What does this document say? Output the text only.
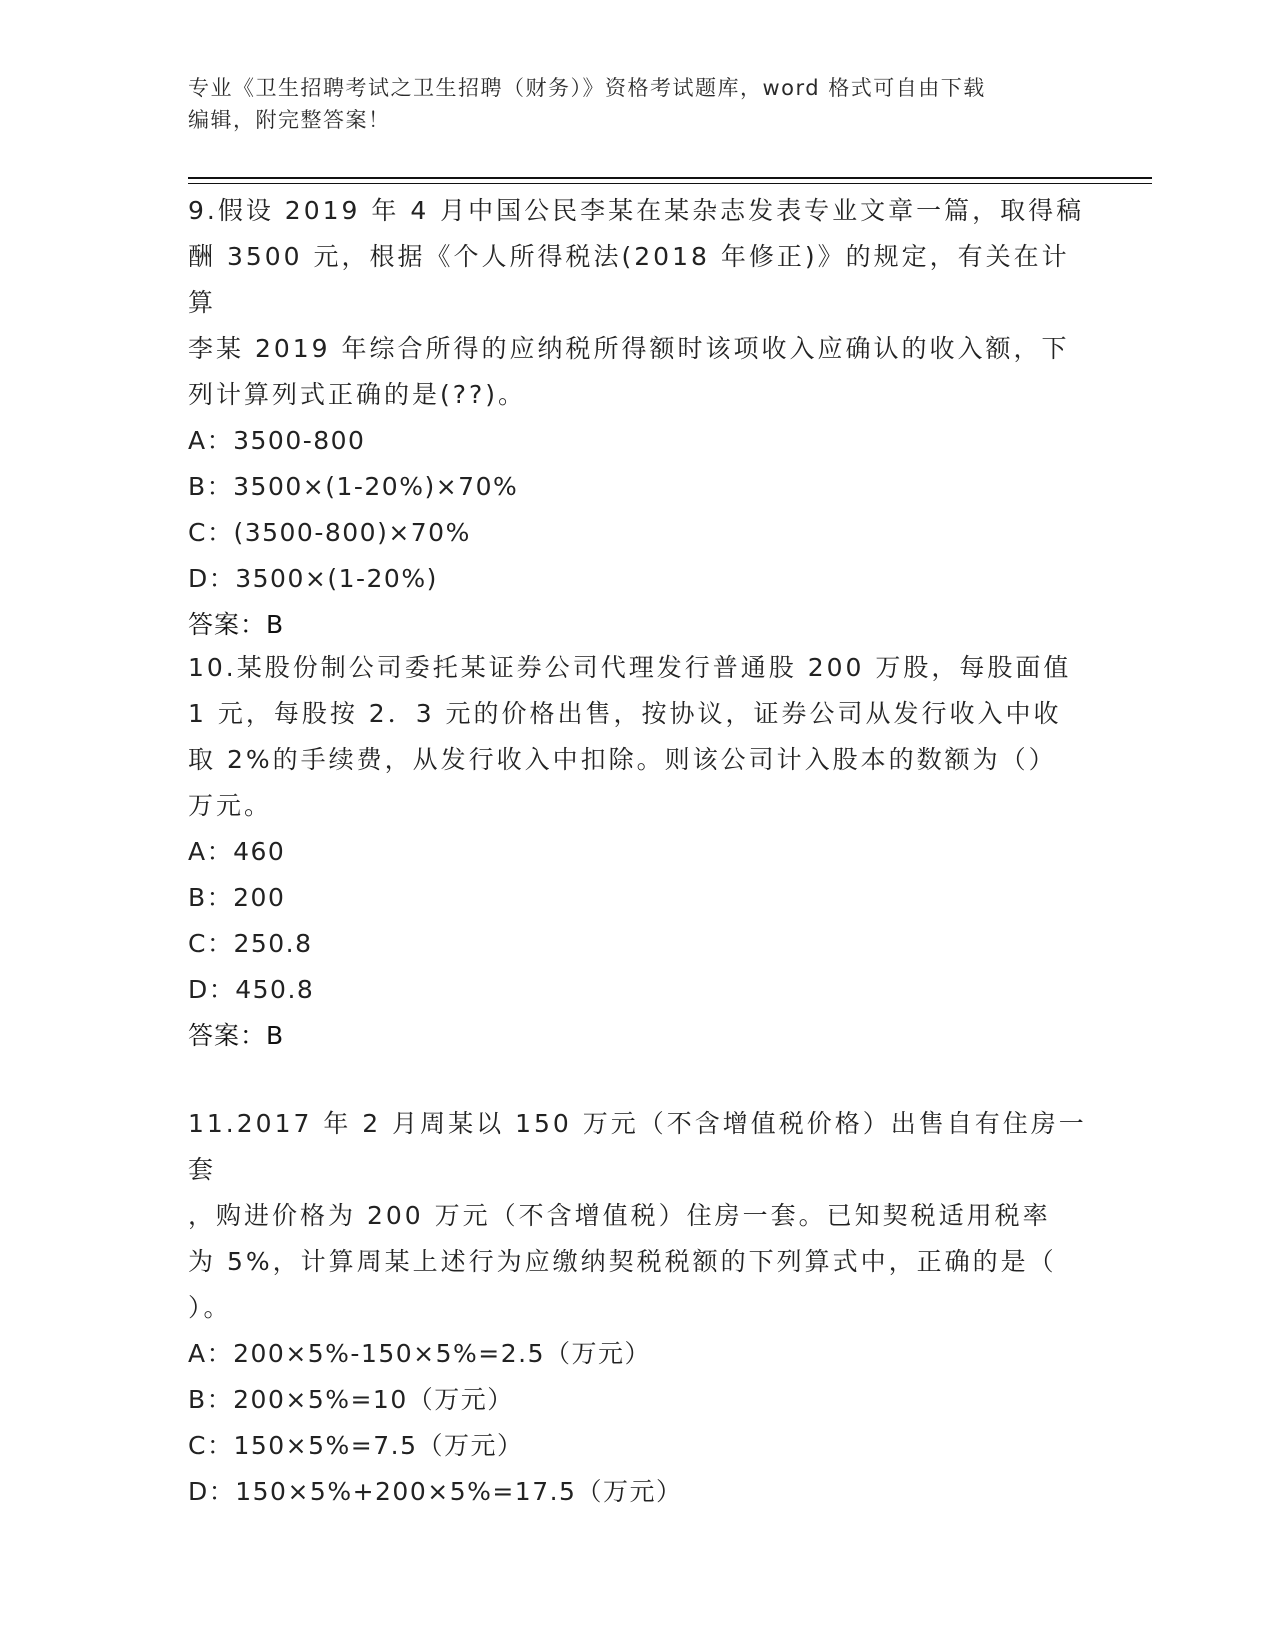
专业《卫生招聘考试之卫生招聘（财务）》资格考试题库，word 格式可自由下载
编辑，附完整答案！
9.假设 2019 年 4 月中国公民李某在某杂志发表专业文章一篇，取得稿
酬 3500 元，根据《个人所得税法(2018 年修正)》的规定，有关在计算
李某 2019 年综合所得的应纳税所得额时该项收入应确认的收入额，下
列计算列式正确的是(??)。
A：3500-800
B：3500×(1-20%)×70%
C：(3500-800)×70%
D：3500×(1-20%)
答案：B
10.某股份制公司委托某证券公司代理发行普通股 200 万股，每股面值
1 元，每股按 2．3 元的价格出售，按协议，证券公司从发行收入中收
取 2%的手续费，从发行收入中扣除。则该公司计入股本的数额为（）
万元。
A：460
B：200
C：250.8
D：450.8
答案：B
11.2017 年 2 月周某以 150 万元（不含增值税价格）出售自有住房一套
，购进价格为 200 万元（不含增值税）住房一套。已知契税适用税率
为 5%，计算周某上述行为应缴纳契税税额的下列算式中，正确的是（
）。
A：200×5%-150×5%=2.5（万元）
B：200×5%=10（万元）
C：150×5%=7.5（万元）
D：150×5%+200×5%=17.5（万元）
